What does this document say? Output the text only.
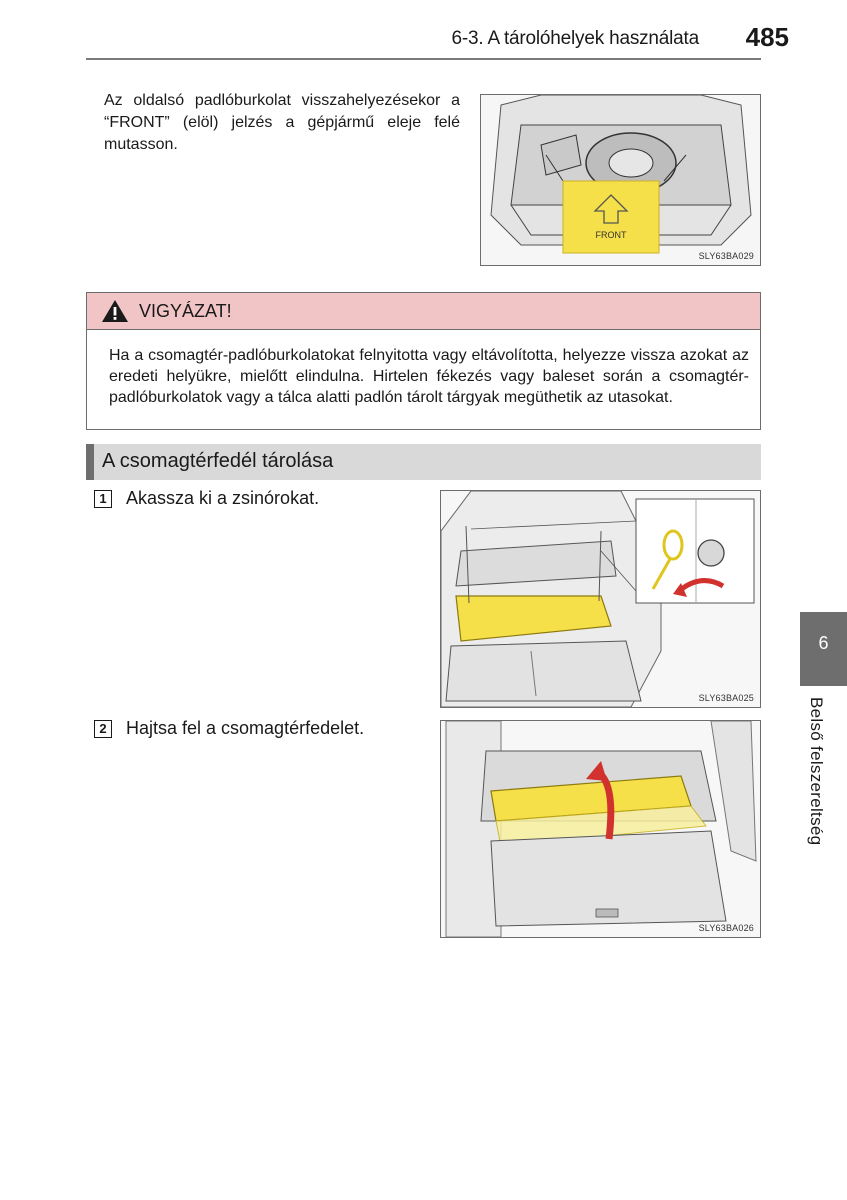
6-3. A tárolóhelyek használata 485
Az oldalsó padlóburkolat visszahelyezésekor a “FRONT” (elöl) jelzés a gépjármű eleje felé mutasson.
FRONT
SLY63BA029
VIGYÁZAT!
Ha a csomagtér-padlóburkolatokat felnyitotta vagy eltávolította, helyezze vissza azokat az eredeti helyükre, mielőtt elindulna. Hirtelen fékezés vagy baleset során a csomagtér-padlóburkolatok vagy a tálca alatti padlón tárolt tárgyak megüthetik az utasokat.
A csomagtérfedél tárolása
1 Akassza ki a zsinórokat.
SLY63BA025
2 Hajtsa fel a csomagtérfedelet.
SLY63BA026
6
Belső felszereltség
